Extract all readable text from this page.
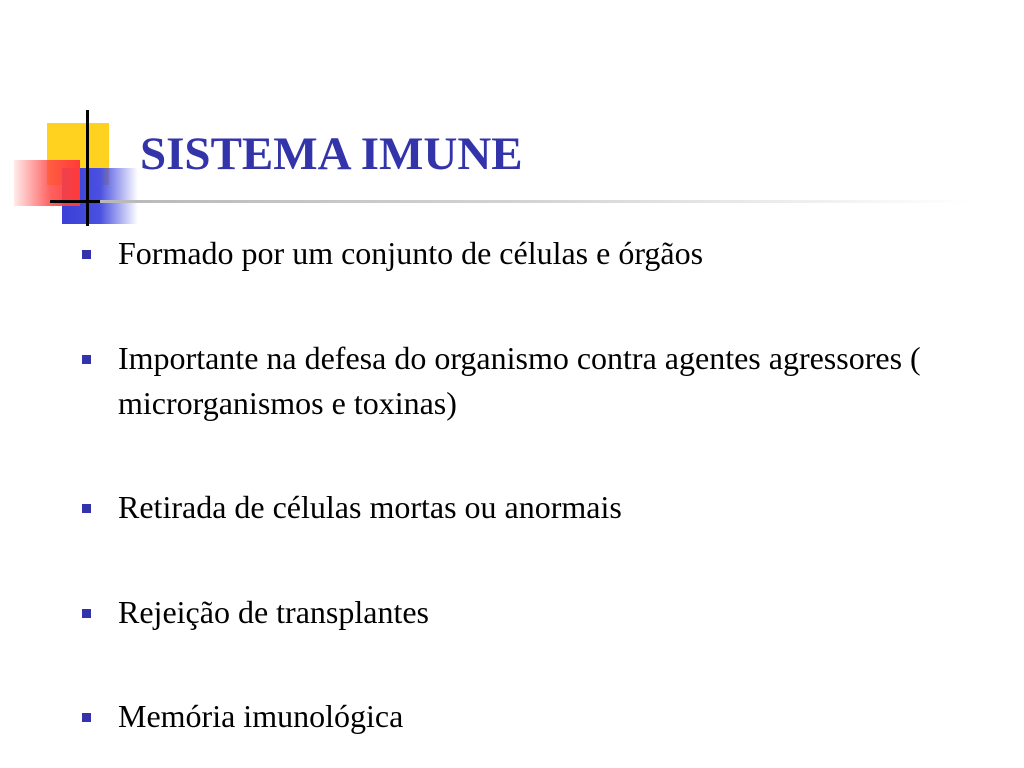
SISTEMA IMUNE
Formado por um conjunto de células e órgãos
Importante na defesa do organismo contra agentes agressores ( microrganismos e toxinas)
Retirada de células mortas ou anormais
Rejeição de transplantes
Memória imunológica
